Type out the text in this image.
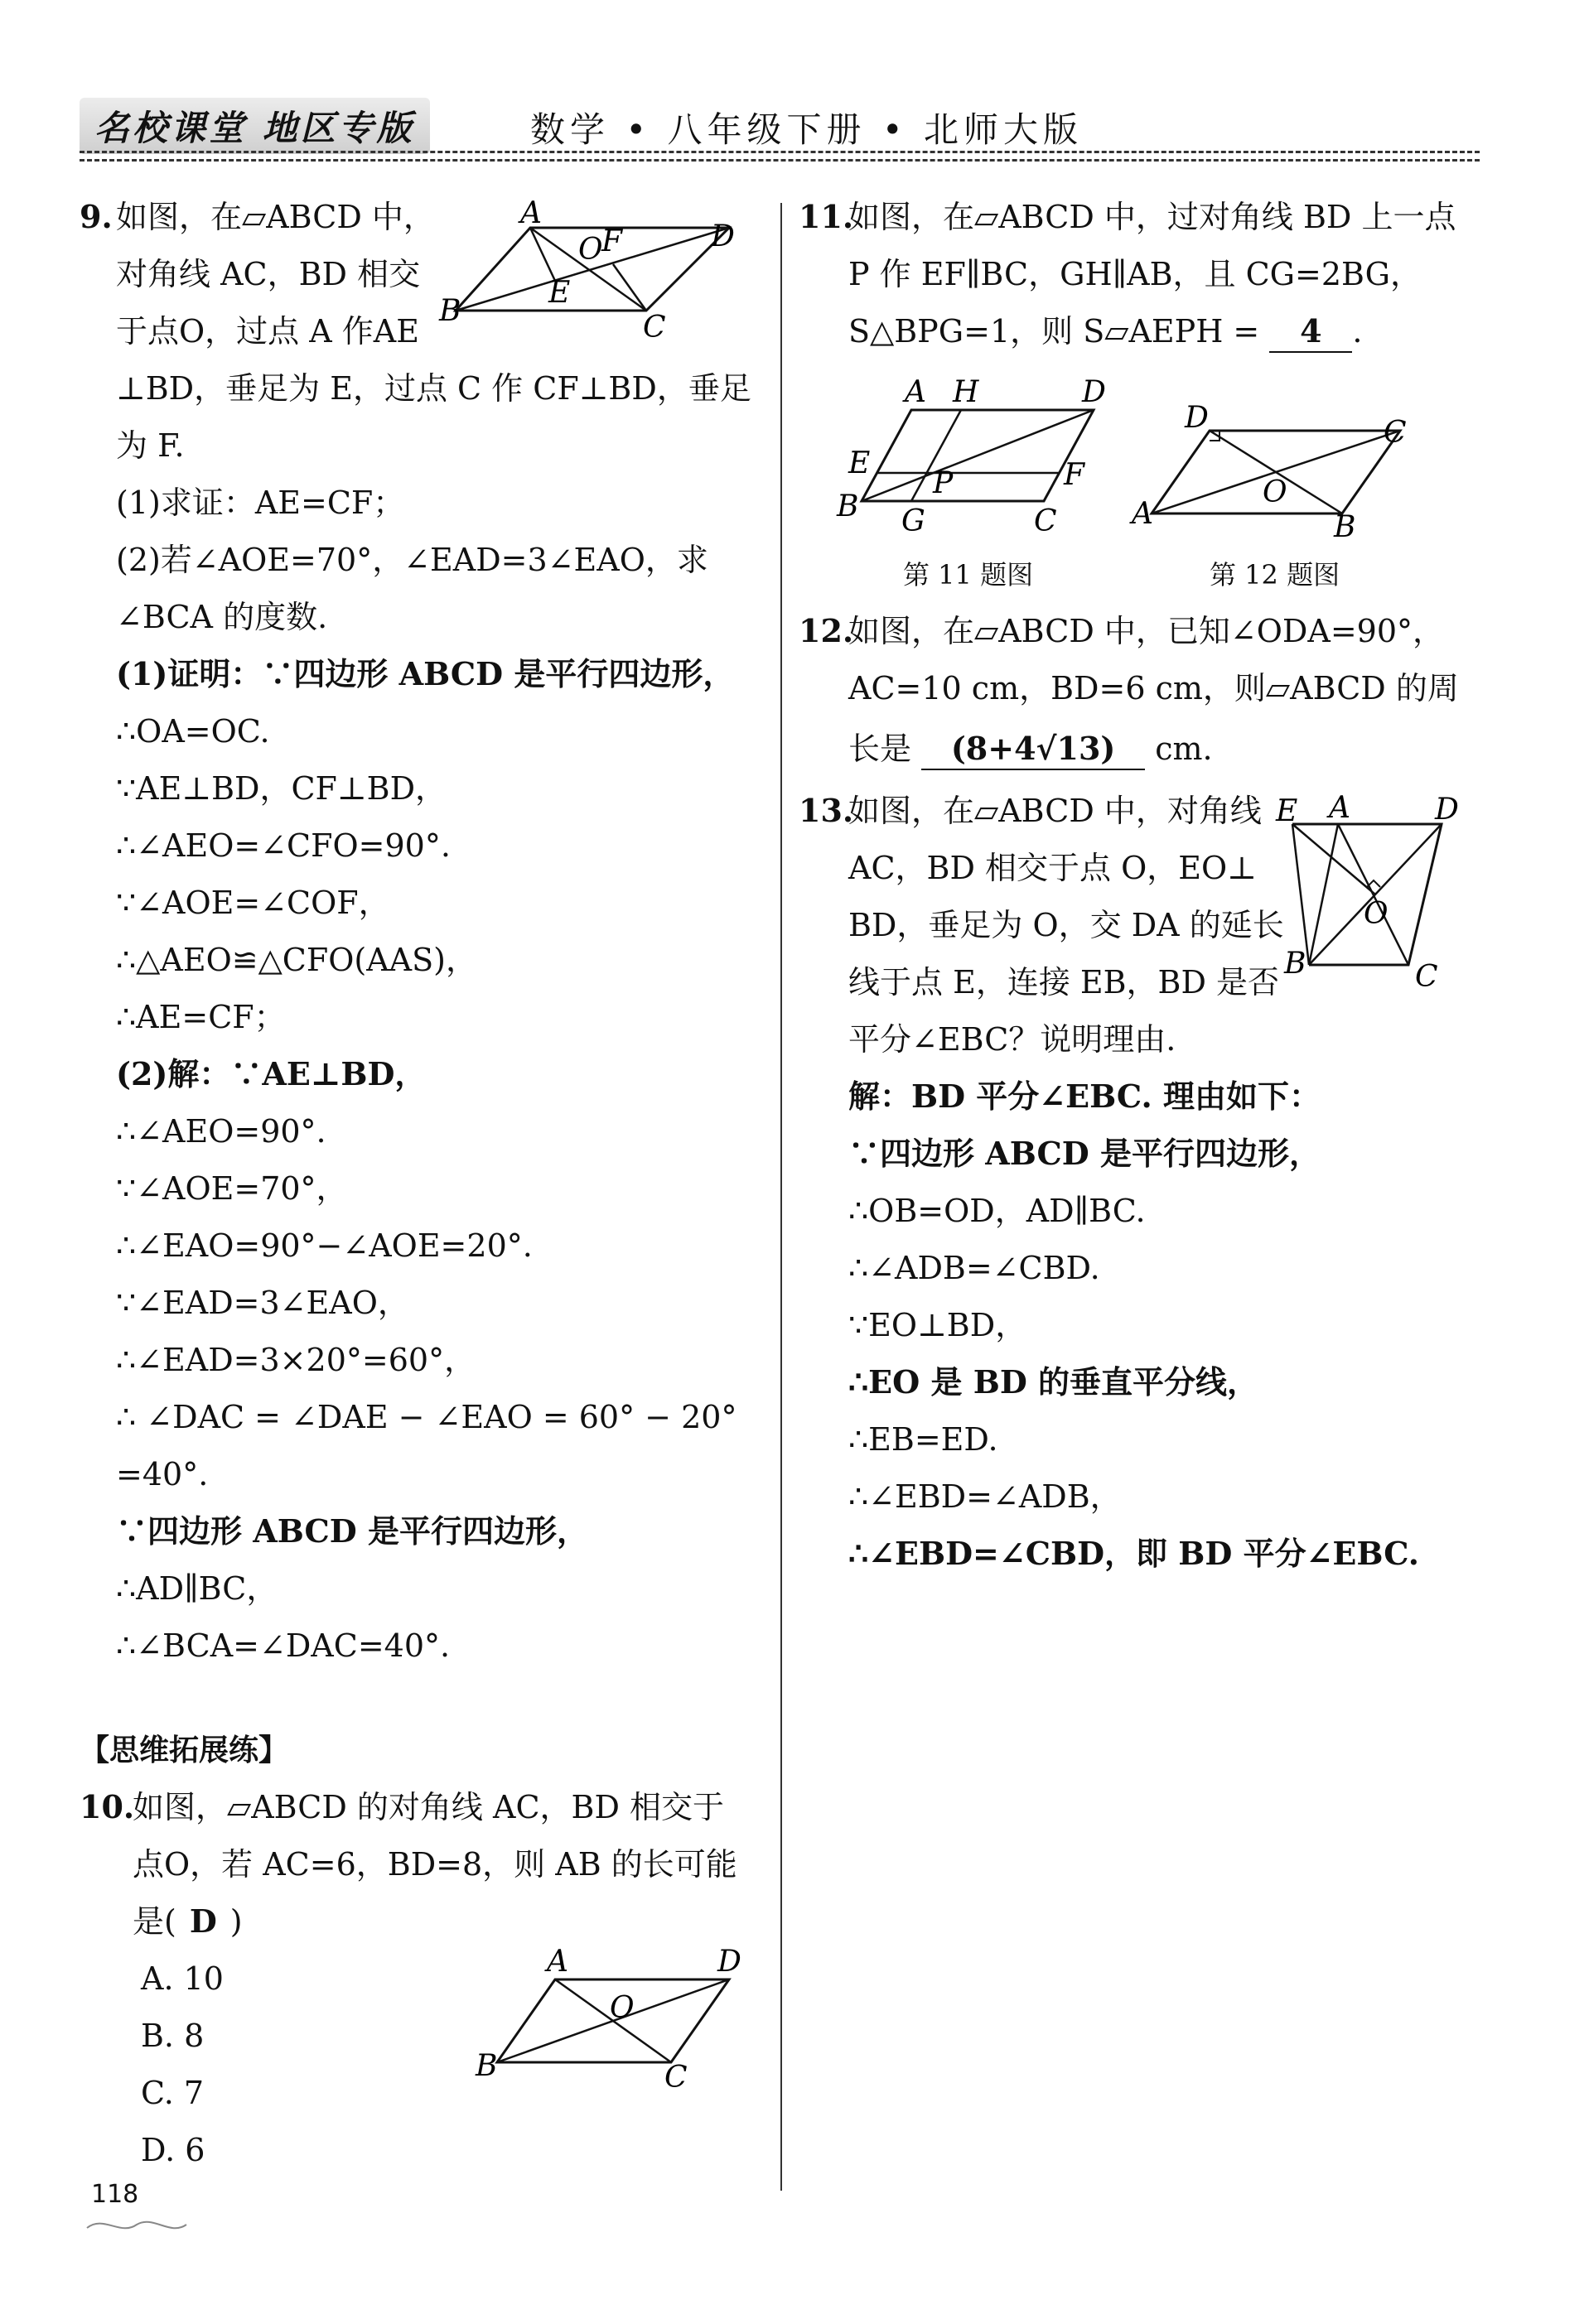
名校课堂 地区专版	数学 • 八年级下册 • 北师大版
9. 如图，在▱ABCD 中，
对角线 AC，BD 相交
于点O，过点 A 作AE
⊥BD，垂足为 E，过点 C 作 CF⊥BD，垂足
为 F.
(1)求证：AE=CF；
(2)若∠AOE=70°，∠EAD=3∠EAO，求
∠BCA 的度数.
A
D
O
F
B
E
C
(1)证明：∵四边形 ABCD 是平行四边形，
∴OA=OC.
∵AE⊥BD，CF⊥BD，
∴∠AEO=∠CFO=90°.
∵∠AOE=∠COF，
∴△AEO≌△CFO(AAS)，
∴AE=CF；
(2)解：∵AE⊥BD，
∴∠AEO=90°.
∵∠AOE=70°，
∴∠EAO=90°−∠AOE=20°.
∵∠EAD=3∠EAO，
∴∠EAD=3×20°=60°，
∴ ∠DAC = ∠DAE − ∠EAO = 60° − 20°
=40°.
∵四边形 ABCD 是平行四边形，
∴AD∥BC，
∴∠BCA=∠DAC=40°.
【思维拓展练】
10.
如图，▱ABCD 的对角线 AC，BD 相交于
点O，若 AC=6，BD=8，则 AB 的长可能
是( D )
A. 10
B. 8
C. 7
D. 6
A	D
O
B	C
118
11.
如图，在▱ABCD 中，过对角线 BD 上一点
P 作 EF∥BC，GH∥AB，且 CG=2BG，
S△BPG=1，则 S▱AEPH = 4 .
A H	D
E	F
P
B G	C
第 11 题图
D	C
O
A	B
第 12 题图
12.
如图，在▱ABCD 中，已知∠ODA=90°，
AC=10 cm，BD=6 cm，则▱ABCD 的周
长是 (8+4√13) cm.
13.
如图，在▱ABCD 中，对角线
AC，BD 相交于点 O，EO⊥
BD，垂足为 O，交 DA 的延长
线于点 E，连接 EB，BD 是否
平分∠EBC？说明理由.
E A	D
O
B	C
解：BD 平分∠EBC. 理由如下：
∵四边形 ABCD 是平行四边形，
∴OB=OD，AD∥BC.
∴∠ADB=∠CBD.
∵EO⊥BD，
∴EO 是 BD 的垂直平分线，
∴EB=ED.
∴∠EBD=∠ADB，
∴∠EBD=∠CBD，即 BD 平分∠EBC.
